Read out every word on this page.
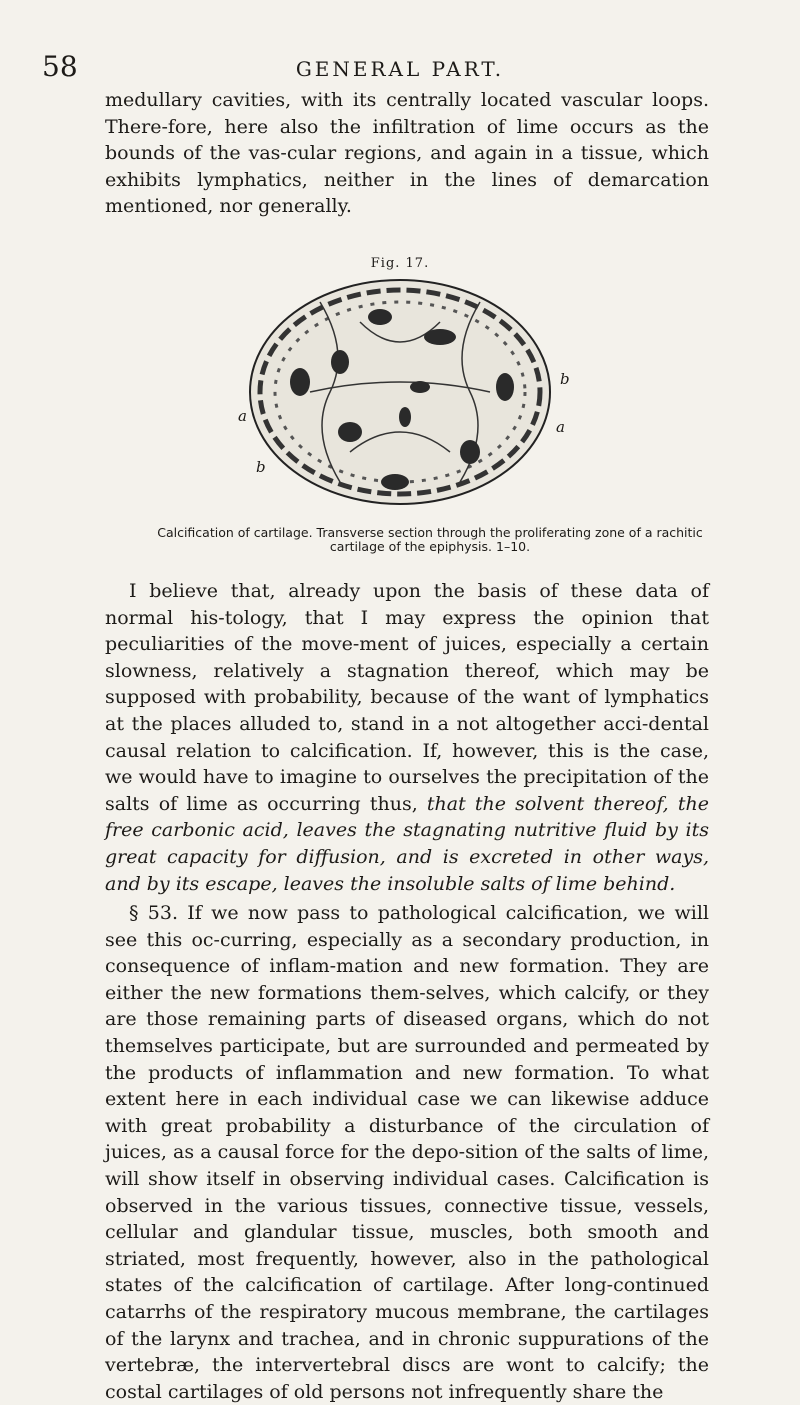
58	GENERAL PART.

medullary cavities, with its centrally located vascular loops. There-fore, here also the infiltration of lime occurs as the bounds of the vas-cular regions, and again in a tissue, which exhibits lymphatics, neither in the lines of demarcation mentioned, nor generally.

Fig. 17.
b
a
a
b
Calcification of cartilage. Transverse section through the proliferating zone of a rachitic
cartilage of the epiphysis. 1–10.

I believe that, already upon the basis of these data of normal his-tology, that I may express the opinion that peculiarities of the move-ment of juices, especially a certain slowness, relatively a stagnation thereof, which may be supposed with probability, because of the want of lymphatics at the places alluded to, stand in a not altogether acci-dental causal relation to calcification. If, however, this is the case, we would have to imagine to ourselves the precipitation of the salts of lime as occurring thus, that the solvent thereof, the free carbonic acid, leaves the stagnating nutritive fluid by its great capacity for diffusion, and is excreted in other ways, and by its escape, leaves the insoluble salts of lime behind.

§ 53. If we now pass to pathological calcification, we will see this oc-curring, especially as a secondary production, in consequence of inflam-mation and new formation. They are either the new formations them-selves, which calcify, or they are those remaining parts of diseased organs, which do not themselves participate, but are surrounded and permeated by the products of inflammation and new formation. To what extent here in each individual case we can likewise adduce with great probability a disturbance of the circulation of juices, as a causal force for the depo-sition of the salts of lime, will show itself in observing individual cases. Calcification is observed in the various tissues, connective tissue, vessels, cellular and glandular tissue, muscles, both smooth and striated, most frequently, however, also in the pathological states of the calcification of cartilage. After long-continued catarrhs of the respiratory mucous membrane, the cartilages of the larynx and trachea, and in chronic suppurations of the vertebræ, the intervertebral discs are wont to calcify; the costal cartilages of old persons not infrequently share the
